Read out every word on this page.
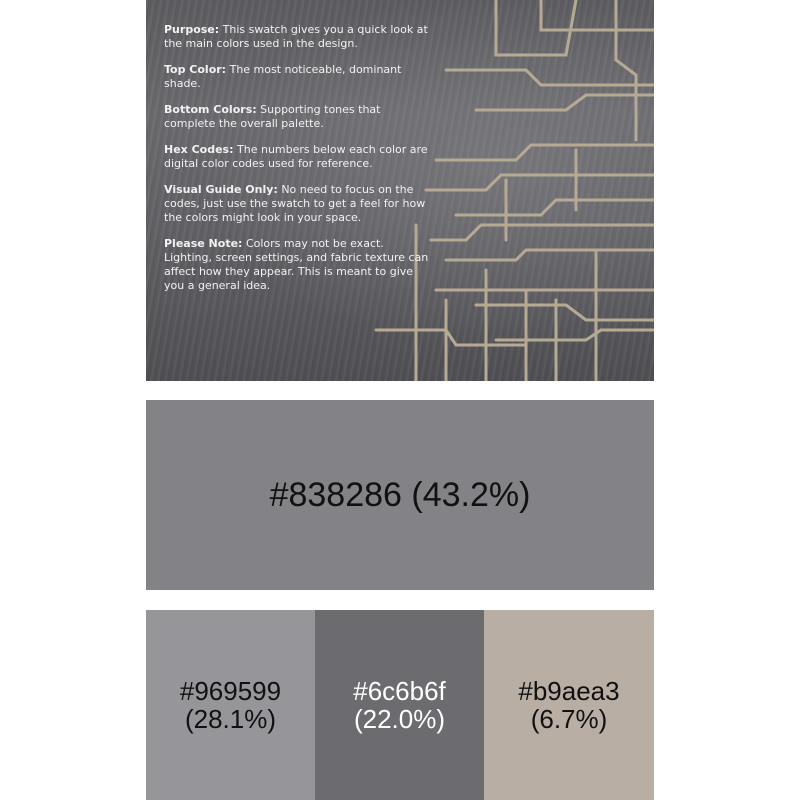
Purpose: This swatch gives you a quick look at the main colors used in the design.

Top Color: The most noticeable, dominant shade.

Bottom Colors: Supporting tones that complete the overall palette.

Hex Codes: The numbers below each color are digital color codes used for reference.

Visual Guide Only: No need to focus on the codes, just use the swatch to get a feel for how the colors might look in your space.

Please Note: Colors may not be exact. Lighting, screen settings, and fabric texture can affect how they appear. This is meant to give you a general idea.

#838286 (43.2%)
#969599
(28.1%)
#6c6b6f
(22.0%)
#b9aea3
(6.7%)
